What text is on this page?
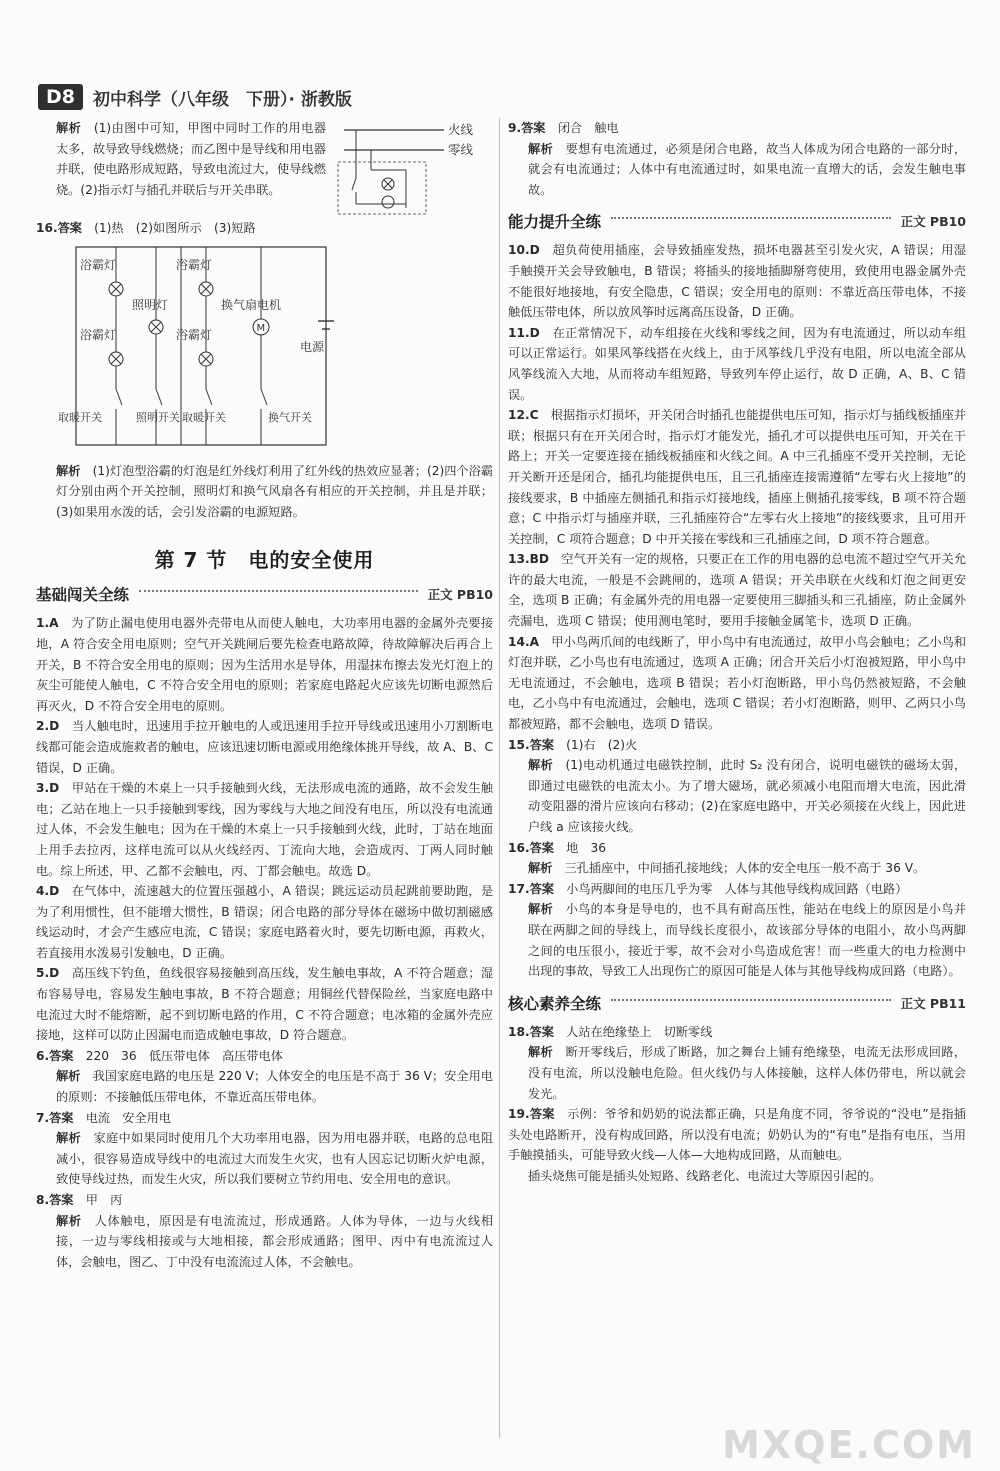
D8	初中科学（八年级　下册）· 浙教版

解析　 (1)由图中可知，甲图中同时工作的用电器太多，故导致导线燃烧；而乙图中是导线和用电器并联，使电路形成短路，导致电流过大，使导线燃烧。(2)指示灯与插孔并联后与开关串联。

火线
零线

16.答案　 (1)热　(2)如图所示　(3)短路

M
浴霸灯
浴霸灯
照明灯
浴霸灯
浴霸灯
换气扇电机
电源
取暖开关	照明开关 取暖开关	换气开关

解析　 (1)灯泡型浴霸的灯泡是红外线灯利用了红外线的热效应显著；(2)四个浴霸灯分别由两个开关控制，照明灯和换气风扇各有相应的开关控制，并且是并联；(3)如果用水泼的话，会引发浴霸的电源短路。

第 7 节　电的安全使用
基础闯关全练	正文 PB10

1.A　 为了防止漏电使用电器外壳带电从而使人触电，大功率用电器的金属外壳要接地，A 符合安全用电原则；空气开关跳闸后要先检查电路故障，待故障解决后再合上开关，B 不符合安全用电的原则；因为生活用水是导体，用湿抹布擦去发光灯泡上的灰尘可能使人触电，C 不符合安全用电的原则；若家庭电路起火应该先切断电源然后再灭火，D 不符合安全用电的原则。

2.D　 当人触电时，迅速用手拉开触电的人或迅速用手拉开导线或迅速用小刀割断电线都可能会造成施救者的触电，应该迅速切断电源或用绝缘体挑开导线，故 A、B、C 错误，D 正确。

3.D　 甲站在干燥的木桌上一只手接触到火线，无法形成电流的通路，故不会发生触电；乙站在地上一只手接触到零线，因为零线与大地之间没有电压，所以没有电流通过人体，不会发生触电；因为在干燥的木桌上一只手接触到火线，此时，丁站在地面上用手去拉丙，这样电流可以从火线经丙、丁流向大地，会造成丙、丁两人同时触电。综上所述，甲、乙都不会触电，丙、丁都会触电。故选 D。

4.D　 在气体中，流速越大的位置压强越小，A 错误；跳远运动员起跳前要助跑，是为了利用惯性，但不能增大惯性，B 错误；闭合电路的部分导体在磁场中做切割磁感线运动时，才会产生感应电流，C 错误；家庭电路着火时，要先切断电源，再救火，若直接用水泼易引发触电，D 正确。

5.D　 高压线下钓鱼，鱼线很容易接触到高压线，发生触电事故，A 不符合题意；湿布容易导电，容易发生触电事故，B 不符合题意；用铜丝代替保险丝，当家庭电路中电流过大时不能熔断，起不到切断电路的作用，C 不符合题意；电冰箱的金属外壳应接地，这样可以防止因漏电而造成触电事故，D 符合题意。

6.答案　 220　36　低压带电体　高压带电体

解析　 我国家庭电路的电压是 220 V；人体安全的电压是不高于 36 V；安全用电的原则：不接触低压带电体，不靠近高压带电体。

7.答案　 电流　安全用电

解析　 家庭中如果同时使用几个大功率用电器，因为用电器并联，电路的总电阻减小，很容易造成导线中的电流过大而发生火灾，也有人因忘记切断火炉电源，致使导线过热，而发生火灾，所以我们要树立节约用电、安全用电的意识。

8.答案　 甲　丙

解析　 人体触电，原因是有电流流过，形成通路。人体为导体，一边与火线相接，一边与零线相接或与大地相接，都会形成通路；图甲、丙中有电流流过人体，会触电，图乙、丁中没有电流流过人体，不会触电。

9.答案　 闭合　触电

解析　 要想有电流通过，必须是闭合电路，故当人体成为闭合电路的一部分时，就会有电流通过；人体中有电流通过时，如果电流一直增大的话，会发生触电事故。

能力提升全练	正文 PB10

10.D　 超负荷使用插座，会导致插座发热，损坏电器甚至引发火灾，A 错误；用湿手触摸开关会导致触电，B 错误；将插头的接地插脚掰弯使用，致使用电器金属外壳不能很好地接地，有安全隐患，C 错误；安全用电的原则：不靠近高压带电体，不接触低压带电体，所以放风筝时远离高压设备，D 正确。

11.D　 在正常情况下，动车组接在火线和零线之间，因为有电流通过，所以动车组可以正常运行。如果风筝线搭在火线上，由于风筝线几乎没有电阻，所以电流全部从风筝线流入大地，从而将动车组短路，导致列车停止运行，故 D 正确，A、B、C 错误。

12.C　 根据指示灯损坏，开关闭合时插孔也能提供电压可知，指示灯与插线板插座并联；根据只有在开关闭合时，指示灯才能发光，插孔才可以提供电压可知，开关在干路上；开关一定要连接在插线板插座和火线之间。A 中三孔插座不受开关控制，无论开关断开还是闭合，插孔均能提供电压，且三孔插座连接需遵循“左零右火上接地”的接线要求，B 中插座左侧插孔和指示灯接地线，插座上侧插孔接零线，B 项不符合题意；C 中指示灯与插座并联，三孔插座符合“左零右火上接地”的接线要求，且可用开关控制，C 项符合题意；D 中开关接在零线和三孔插座之间，D 项不符合题意。

13.BD　 空气开关有一定的规格，只要正在工作的用电器的总电流不超过空气开关允许的最大电流，一般是不会跳闸的，选项 A 错误；开关串联在火线和灯泡之间更安全，选项 B 正确；有金属外壳的用电器一定要使用三脚插头和三孔插座，防止金属外壳漏电，选项 C 错误；使用测电笔时，要用手接触金属笔卡，选项 D 正确。

14.A　 甲小鸟两爪间的电线断了，甲小鸟中有电流通过，故甲小鸟会触电；乙小鸟和灯泡并联，乙小鸟也有电流通过，选项 A 正确；闭合开关后小灯泡被短路，甲小鸟中无电流通过，不会触电，选项 B 错误；若小灯泡断路，甲小鸟仍然被短路，不会触电，乙小鸟中有电流通过，会触电，选项 C 错误；若小灯泡断路，则甲、乙两只小鸟都被短路，都不会触电，选项 D 错误。

15.答案　 (1)右　(2)火

解析　 (1)电动机通过电磁铁控制，此时 S₂ 没有闭合，说明电磁铁的磁场太弱，即通过电磁铁的电流太小。为了增大磁场，就必须减小电阻而增大电流，因此滑动变阻器的滑片应该向右移动；(2)在家庭电路中，开关必须接在火线上，因此进户线 a 应该接火线。

16.答案　 地　36

解析　 三孔插座中，中间插孔接地线；人体的安全电压一般不高于 36 V。

17.答案　 小鸟两脚间的电压几乎为零　人体与其他导线构成回路（电路）

解析　 小鸟的本身是导电的，也不具有耐高压性，能站在电线上的原因是小鸟并联在两脚之间的导线上，而导线长度很小，故该部分导体的电阻小，故小鸟两脚之间的电压很小，接近于零，故不会对小鸟造成危害！而一些重大的电力检测中出现的事故，导致工人出现伤亡的原因可能是人体与其他导线构成回路（电路）。

核心素养全练	正文 PB11

18.答案　 人站在绝缘垫上　切断零线

解析　 断开零线后，形成了断路，加之舞台上铺有绝缘垫，电流无法形成回路，没有电流，所以没触电危险。但火线仍与人体接触，这样人体仍带电，所以就会发光。

19.答案　 示例：爷爷和奶奶的说法都正确，只是角度不同，爷爷说的“没电”是指插头处电路断开，没有构成回路，所以没有电流；奶奶认为的“有电”是指有电压，当用手触摸插头，可能导致火线—人体—大地构成回路，从而触电。

插头烧焦可能是插头处短路、线路老化、电流过大等原因引起的。

MXQE.COM
